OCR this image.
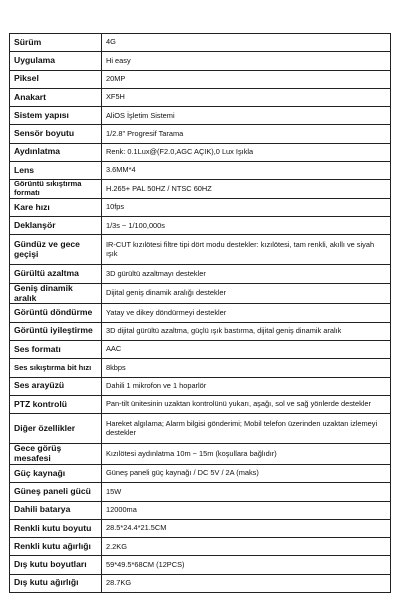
Sürüm	4G
Uygulama	Hi easy
Piksel	20MP
Anakart	XF5H
Sistem yapısı	AliOS İşletim Sistemi
Sensör boyutu	1/2.8" Progresif Tarama
Aydınlatma	Renk: 0.1Lux@(F2.0,AGC AÇIK),0 Lux Işıkla
Lens	3.6MM*4
Görüntü sıkıştırma formatı	H.265+ PAL 50HZ / NTSC 60HZ
Kare hızı	10fps
Deklanşör	1/3s ~ 1/100,000s
Gündüz ve gece geçişi	IR-CUT kızılötesi filtre tipi dört modu destekler: kızılötesi, tam renkli, akıllı ve siyah ışık
Gürültü azaltma	3D gürültü azaltmayı destekler
Geniş dinamik aralık	Dijital geniş dinamik aralığı destekler
Görüntü döndürme	Yatay ve dikey döndürmeyi destekler
Görüntü iyileştirme	3D dijital gürültü azaltma, güçlü ışık bastırma, dijital geniş dinamik aralık
Ses formatı	AAC
Ses sıkıştırma bit hızı	8kbps
Ses arayüzü	Dahili 1 mikrofon ve 1 hoparlör
PTZ kontrolü	Pan-tilt ünitesinin uzaktan kontrolünü yukarı, aşağı, sol ve sağ yönlerde destekler
Diğer özellikler	Hareket algılama; Alarm bilgisi gönderimi; Mobil telefon üzerinden uzaktan izlemeyi destekler
Gece görüş mesafesi	Kızılötesi aydınlatma 10m ~ 15m (koşullara bağlıdır)
Güç kaynağı	Güneş paneli güç kaynağı / DC 5V / 2A (maks)
Güneş paneli gücü	15W
Dahili batarya	12000ma
Renkli kutu boyutu	28.5*24.4*21.5CM
Renkli kutu ağırlığı	2.2KG
Dış kutu boyutları	59*49.5*68CM (12PCS)
Dış kutu ağırlığı	28.7KG
